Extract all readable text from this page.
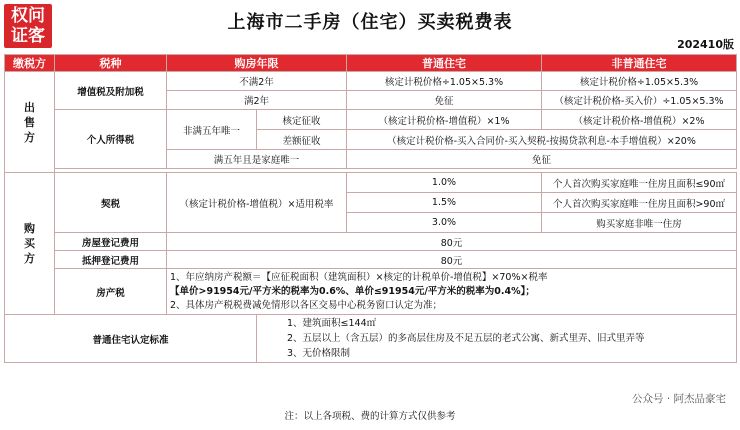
权问
证客
上海市二手房（住宅）买卖税费表
202410版
缴税方	税种	购房年限		普通住宅	非普通住宅

出
售
方	增值税及附加税	不满2年		核定计税价格÷1.05×5.3%	核定计税价格÷1.05×5.3%
		满2年		免征	（核定计税价格-买入价）÷1.05×5.3%
	个人所得税	非满五年唯一	核定征收	（核定计税价格-增值税）×1%	（核定计税价格-增值税）×2%
			差额征收	（核定计税价格-买入合同价-买入契税-按揭贷款利息-本手增值税）×20%	
		满五年且是家庭唯一		免征	

购
买
方	契税	（核定计税价格-增值税）×适用税率		1.0%	个人首次购买家庭唯一住房且面积≤90㎡
				1.5%	个人首次购买家庭唯一住房且面积>90㎡
				3.0%	购买家庭非唯一住房
	房屋登记费用	80元			
	抵押登记费用	80元			
	房产税	1、年应纳房产税额＝【应征税面积（建筑面积）×核定的计税单价-增值税】×70%×税率
【单价>91954元/平方米的税率为0.6%、单价≤91954元/平方米的税率为0.4%】；
2、具体房产税税费减免情形以各区交易中心税务窗口认定为准；			

普通住宅认定标准			1、建筑面积≤144㎡
2、五层以上（含五层）的多高层住房及不足五层的老式公寓、新式里弄、旧式里弄等
3、无价格限制		
公众号 · 阿杰品豪宅
注：以上各项税、费的计算方式仅供参考
